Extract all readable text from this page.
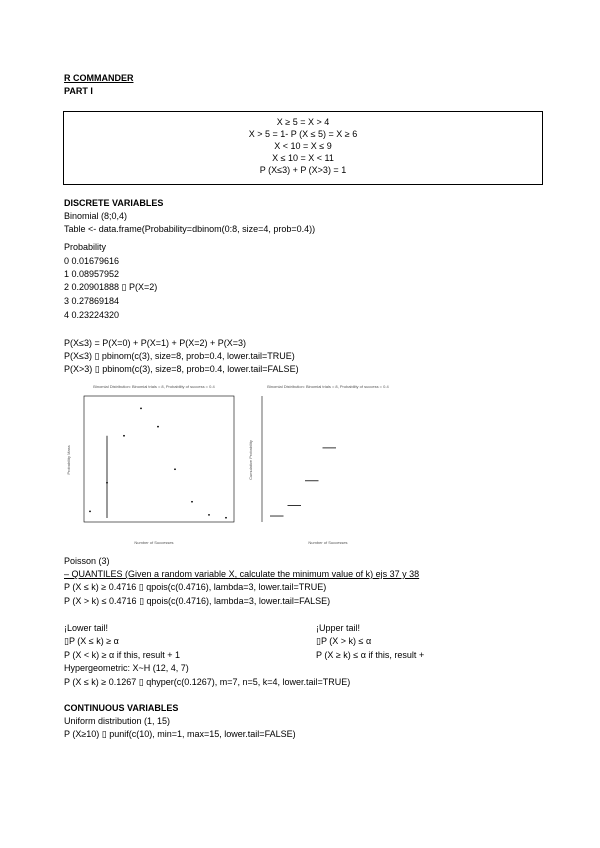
R COMMANDER
PART I
X ≥ 5 = X > 4
X > 5 = 1- P (X ≤ 5) = X ≥ 6
X < 10 = X ≤ 9
X ≤ 10 = X < 11
P (X≤3) + P (X>3) = 1
DISCRETE VARIABLES
Binomial (8;0,4)
Table <- data.frame(Probability=dbinom(0:8, size=4, prob=0.4))
Probability
0 0.01679616
1 0.08957952
2 0.20901888 ▯ P(X=2)
3 0.27869184
4 0.23224320
P(X≤3) = P(X=0) + P(X=1) + P(X=2) + P(X=3)
P(X≤3) ▯ pbinom(c(3), size=8, prob=0.4, lower.tail=TRUE)
P(X>3) ▯ pbinom(c(3), size=8, prob=0.4, lower.tail=FALSE)
Binomial Distribution: Binomial trials = 8, Probability of success = 0.4
Number of Successes
Probability Mass
Binomial Distribution: Binomial trials = 8, Probability of success = 0.4
Number of Successes
Cumulative Probability
Poisson (3)
– QUANTILES (Given a random variable X, calculate the minimum value of k) ejs 37 y 38
P (X ≤ k) ≥ 0.4716 ▯ qpois(c(0.4716), lambda=3, lower.tail=TRUE)
P (X > k) ≤ 0.4716 ▯ qpois(c(0.4716), lambda=3, lower.tail=FALSE)
¡Lower tail!
▯P (X ≤ k) ≥ α
P (X < k) ≥ α if this, result + 1
¡Upper tail!
▯P (X > k) ≤ α
P (X ≥ k) ≤ α if this, result +
Hypergeometric: X~H (12, 4, 7)
P (X ≤ k) ≥ 0.1267 ▯ qhyper(c(0.1267), m=7, n=5, k=4, lower.tail=TRUE)
CONTINUOUS VARIABLES
Uniform distribution (1, 15)
P (X≥10) ▯ punif(c(10), min=1, max=15, lower.tail=FALSE)
